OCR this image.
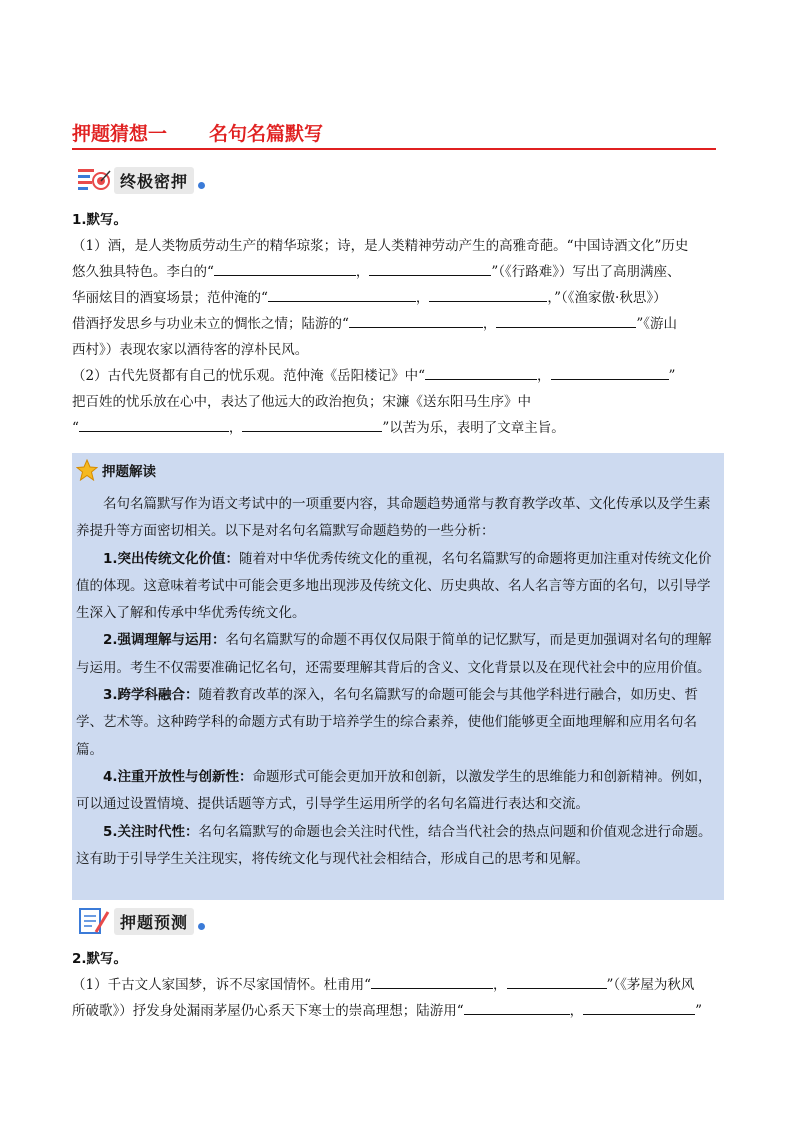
押题猜想一 名句名篇默写
终极密押
1.默写。
（1）酒，是人类物质劳动生产的精华琼浆；诗，是人类精神劳动产生的高雅奇葩。“中国诗酒文化”历史
悠久独具特色。李白的“	，	”（《行路难》）写出了高朋满座、
华丽炫目的酒宴场景；范仲淹的“	，	，”（《渔家傲·秋思》）
借酒抒发思乡与功业未立的惆怅之情；陆游的“	，	”《游山
西村》）表现农家以酒待客的淳朴民风。
（2）古代先贤都有自己的忧乐观。范仲淹《岳阳楼记》中“	，	”
把百姓的忧乐放在心中，表达了他远大的政治抱负；宋濂《送东阳马生序》中
“	，	”以苦为乐，表明了文章主旨。
押题解读

名句名篇默写作为语文考试中的一项重要内容，其命题趋势通常与教育教学改革、文化传承以及学生素养提升等方面密切相关。以下是对名句名篇默写命题趋势的一些分析：

1.突出传统文化价值：随着对中华优秀传统文化的重视，名句名篇默写的命题将更加注重对传统文化价值的体现。这意味着考试中可能会更多地出现涉及传统文化、历史典故、名人名言等方面的名句，以引导学生深入了解和传承中华优秀传统文化。

2.强调理解与运用：名句名篇默写的命题不再仅仅局限于简单的记忆默写，而是更加强调对名句的理解与运用。考生不仅需要准确记忆名句，还需要理解其背后的含义、文化背景以及在现代社会中的应用价值。

3.跨学科融合：随着教育改革的深入，名句名篇默写的命题可能会与其他学科进行融合，如历史、哲学、艺术等。这种跨学科的命题方式有助于培养学生的综合素养，使他们能够更全面地理解和应用名句名篇。

4.注重开放性与创新性：命题形式可能会更加开放和创新，以激发学生的思维能力和创新精神。例如，可以通过设置情境、提供话题等方式，引导学生运用所学的名句名篇进行表达和交流。

5.关注时代性：名句名篇默写的命题也会关注时代性，结合当代社会的热点问题和价值观念进行命题。这有助于引导学生关注现实，将传统文化与现代社会相结合，形成自己的思考和见解。

押题预测
2.默写。
（1）千古文人家国梦，诉不尽家国情怀。杜甫用“	，	”（《茅屋为秋风
所破歌》）抒发身处漏雨茅屋仍心系天下寒士的崇高理想；陆游用“	，	”
